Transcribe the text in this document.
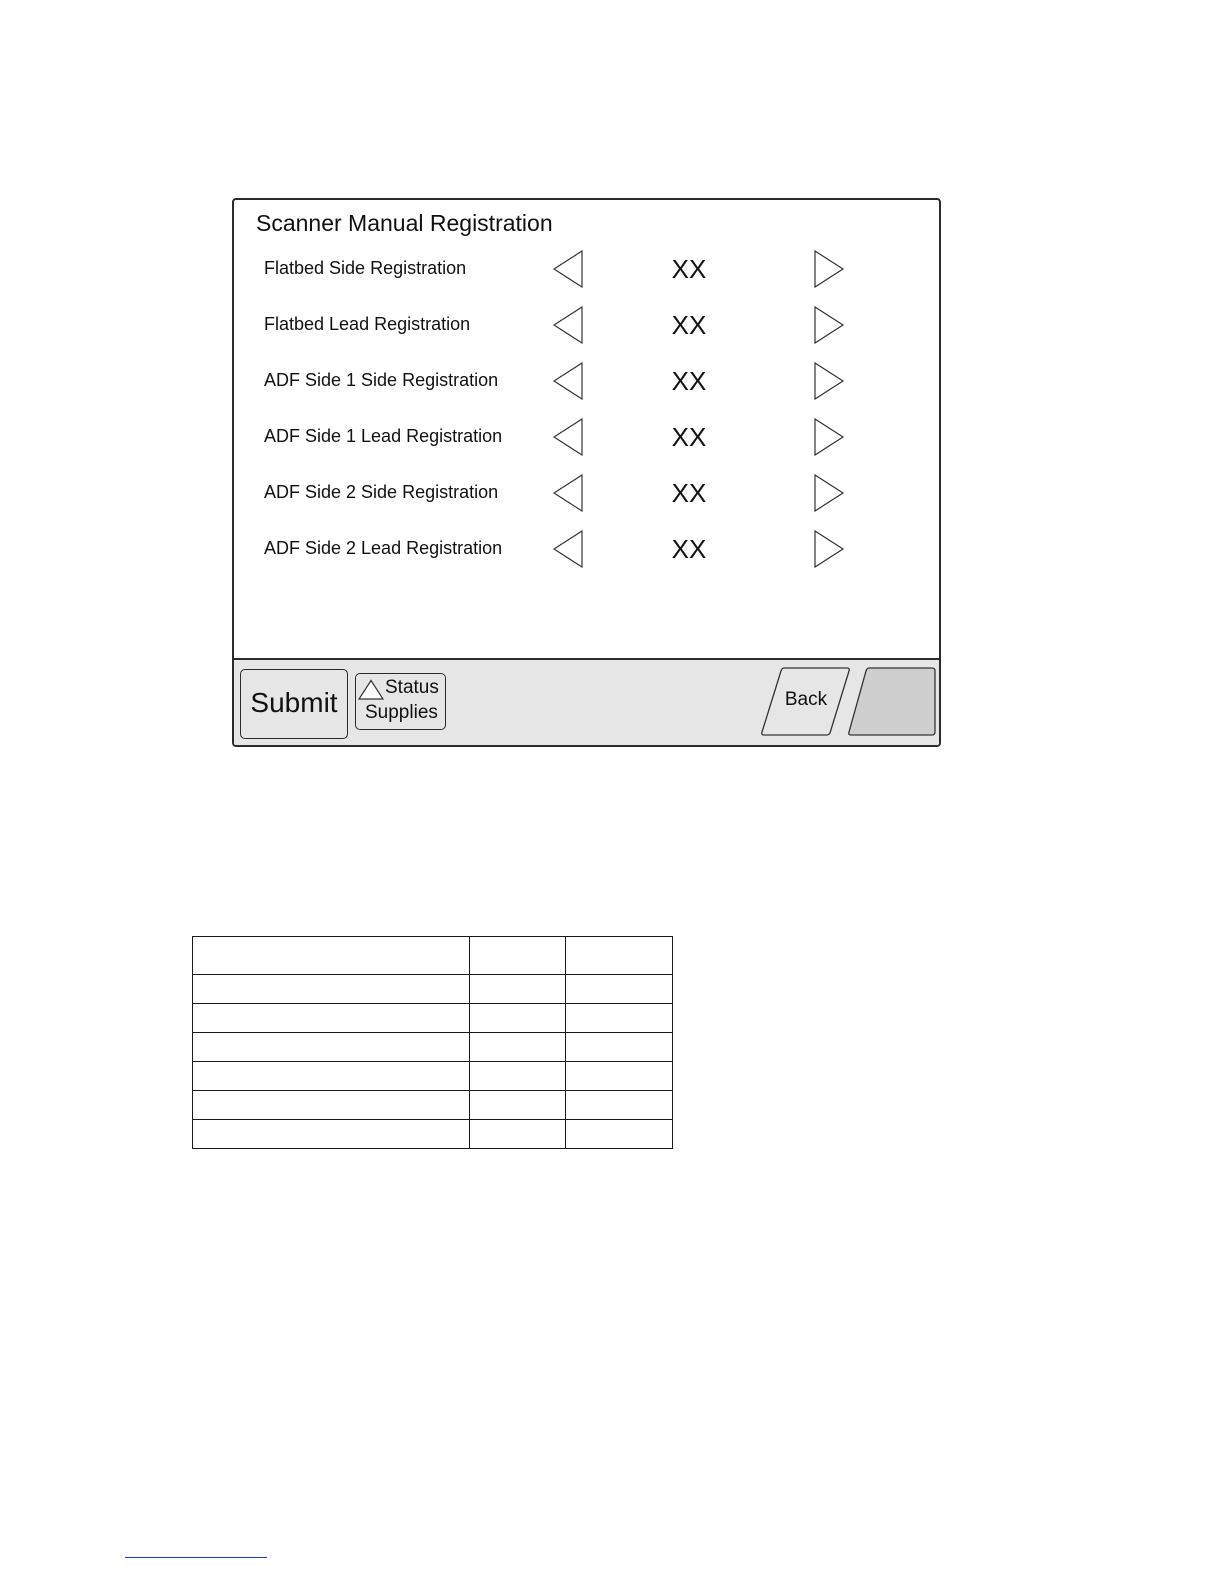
Scanner Manual Registration
Flatbed Side Registration	XX
Flatbed Lead Registration	XX
ADF Side 1 Side Registration	XX
ADF Side 1 Lead Registration	XX
ADF Side 2 Side Registration	XX
ADF Side 2 Lead Registration	XX
Submit	Status
Supplies
Back
